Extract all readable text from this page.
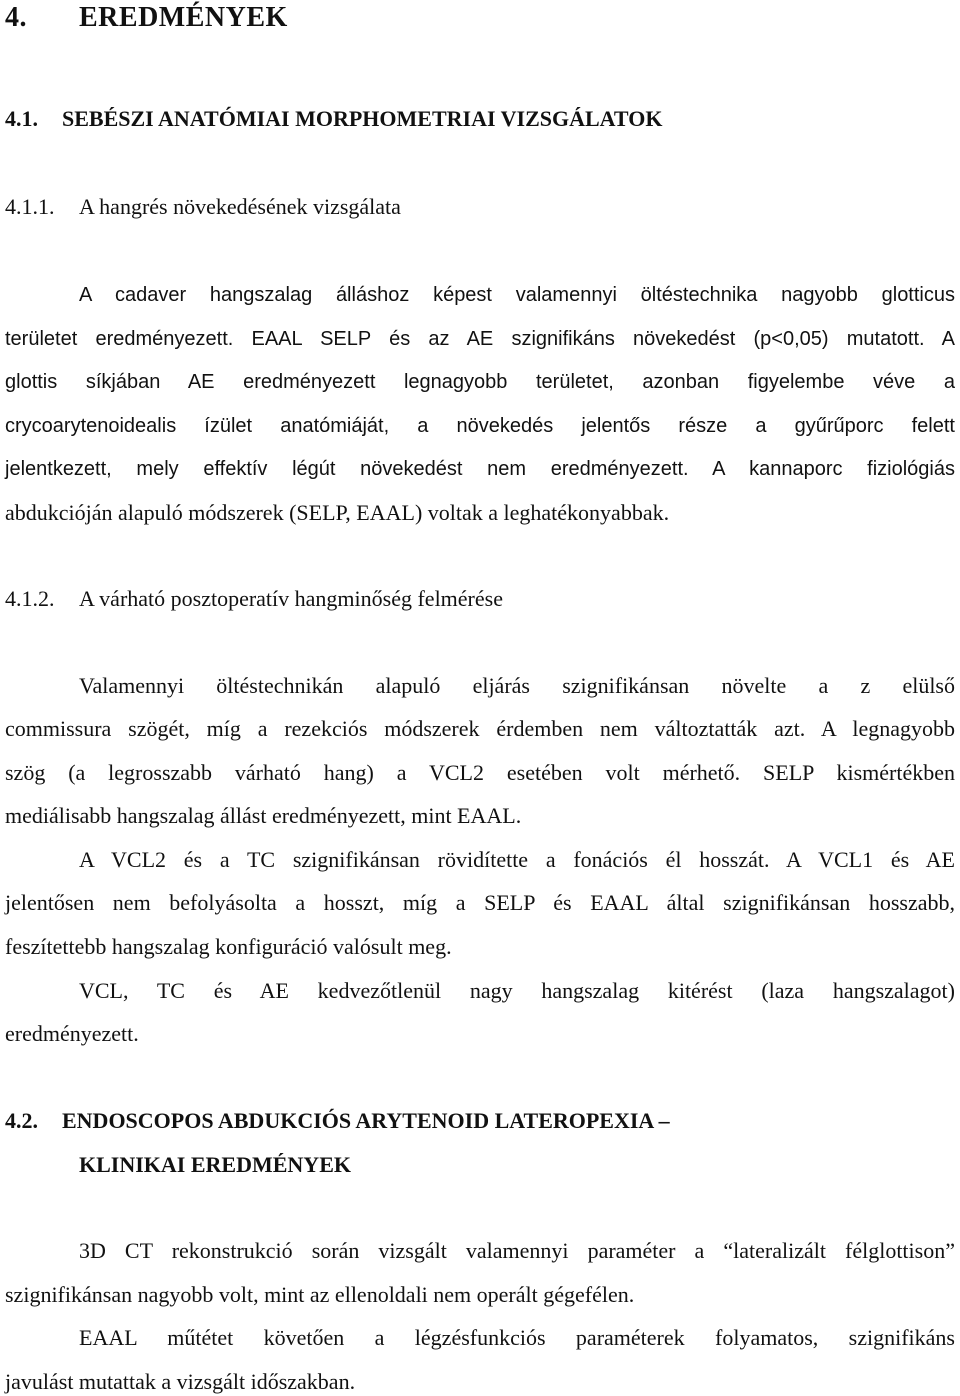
4. EREDMÉNYEK
4.1. SEBÉSZI ANATÓMIAI MORPHOMETRIAI VIZSGÁLATOK
4.1.1. A hangrés növekedésének vizsgálata
A cadaver hangszalag álláshoz képest valamennyi öltéstechnika nagyobb glotticus
területet eredményezett. EAAL SELP és az AE szignifikáns növekedést (p<0,05) mutatott. A
glottis síkjában AE eredményezett legnagyobb területet, azonban figyelembe véve a
crycoarytenoidealis ízület anatómiáját, a növekedés jelentős része a gyűrűporc felett
jelentkezett, mely effektív légút növekedést nem eredményezett. A kannaporc fiziológiás
abdukcióján alapuló módszerek (SELP, EAAL) voltak a leghatékonyabbak.
4.1.2. A várható posztoperatív hangminőség felmérése
Valamennyi öltéstechnikán alapuló eljárás szignifikánsan növelte a z elülső
commissura szögét, míg a rezekciós módszerek érdemben nem változtatták azt. A legnagyobb
szög (a legrosszabb várható hang) a VCL2 esetében volt mérhető. SELP kismértékben
mediálisabb hangszalag állást eredményezett, mint EAAL.
A VCL2 és a TC szignifikánsan rövidítette a fonációs él hosszát. A VCL1 és AE
jelentősen nem befolyásolta a hosszt, míg a SELP és EAAL által szignifikánsan hosszabb,
feszítettebb hangszalag konfiguráció valósult meg.
VCL, TC és AE kedvezőtlenül nagy hangszalag kitérést (laza hangszalagot)
eredményezett.
4.2. ENDOSCOPOS ABDUKCIÓS ARYTENOID LATEROPEXIA –
KLINIKAI EREDMÉNYEK
3D CT rekonstrukció során vizsgált valamennyi paraméter a “lateralizált félglottison”
szignifikánsan nagyobb volt, mint az ellenoldali nem operált gégefélen.
EAAL műtétet követően a légzésfunkciós paraméterek folyamatos, szignifikáns
javulást mutattak a vizsgált időszakban.
